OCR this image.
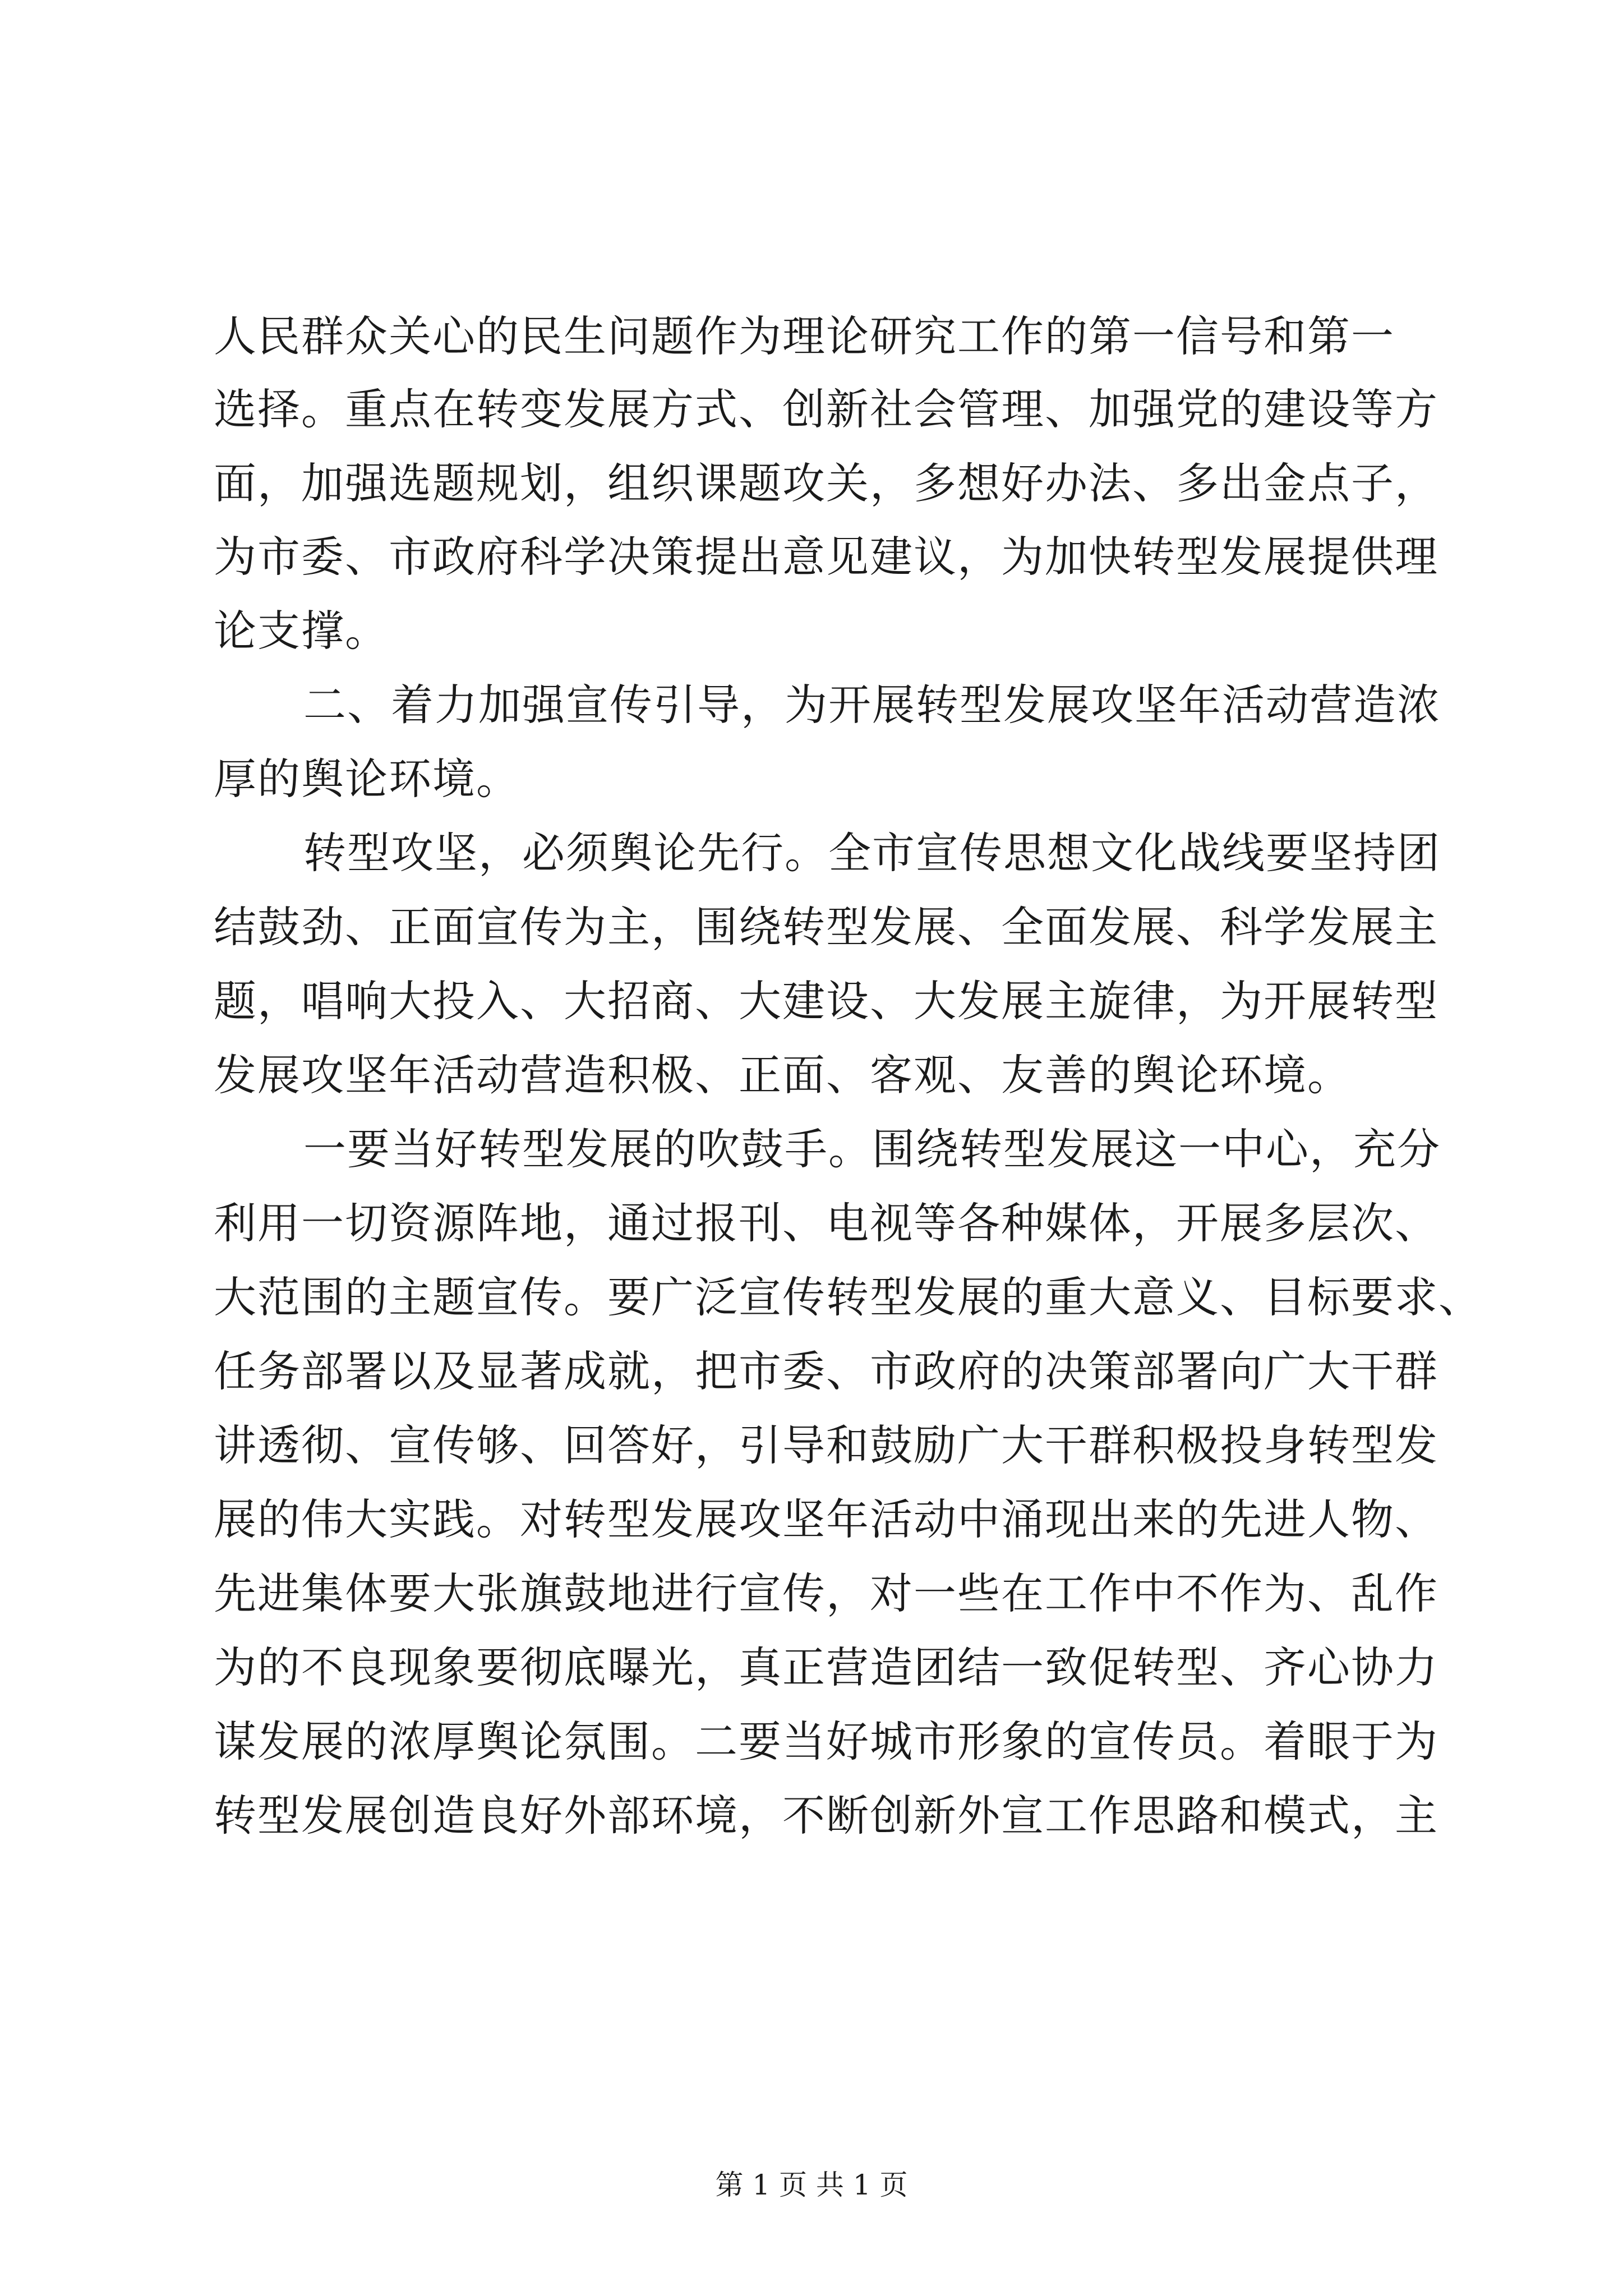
人民群众关心的民生问题作为理论研究工作的第一信号和第一
选择。重点在转变发展方式、创新社会管理、加强党的建设等方
面，加强选题规划，组织课题攻关，多想好办法、多出金点子，
为市委、市政府科学决策提出意见建议，为加快转型发展提供理
论支撑。
二、着力加强宣传引导，为开展转型发展攻坚年活动营造浓
厚的舆论环境。
转型攻坚，必须舆论先行。全市宣传思想文化战线要坚持团
结鼓劲、正面宣传为主，围绕转型发展、全面发展、科学发展主
题，唱响大投入、大招商、大建设、大发展主旋律，为开展转型
发展攻坚年活动营造积极、正面、客观、友善的舆论环境。
一要当好转型发展的吹鼓手。围绕转型发展这一中心，充分
利用一切资源阵地，通过报刊、电视等各种媒体，开展多层次、
大范围的主题宣传。要广泛宣传转型发展的重大意义、目标要求、
任务部署以及显著成就，把市委、市政府的决策部署向广大干群
讲透彻、宣传够、回答好，引导和鼓励广大干群积极投身转型发
展的伟大实践。对转型发展攻坚年活动中涌现出来的先进人物、
先进集体要大张旗鼓地进行宣传，对一些在工作中不作为、乱作
为的不良现象要彻底曝光，真正营造团结一致促转型、齐心协力
谋发展的浓厚舆论氛围。二要当好城市形象的宣传员。着眼于为
转型发展创造良好外部环境，不断创新外宣工作思路和模式，主
第 1 页 共 1 页
